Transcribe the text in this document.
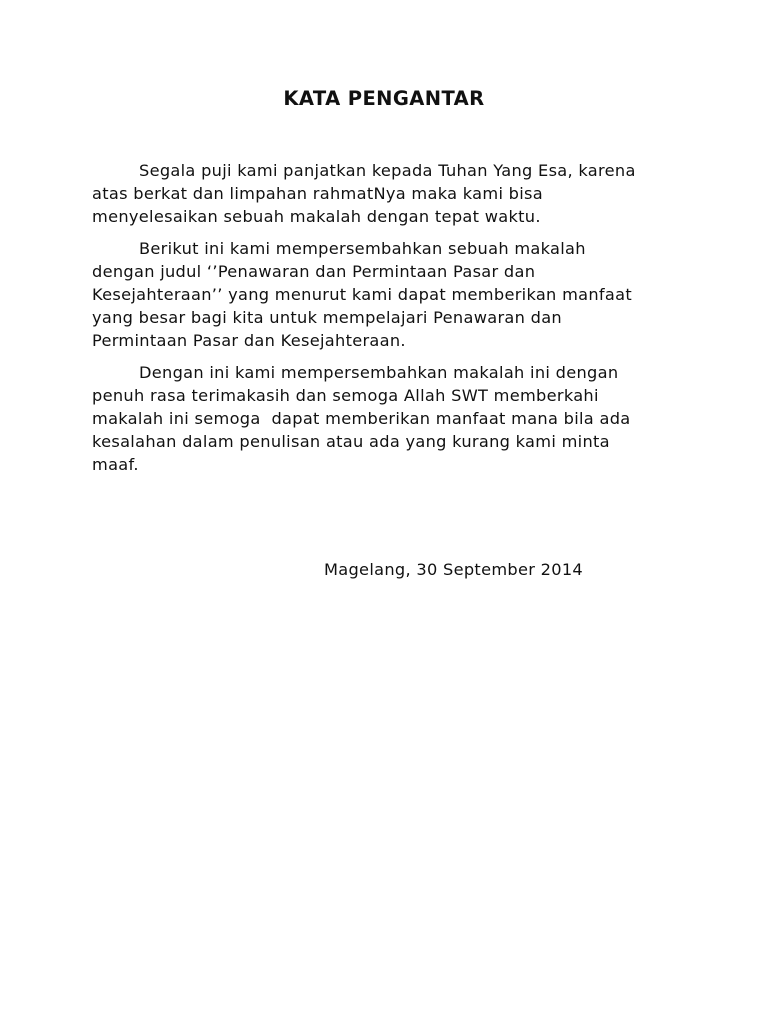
KATA PENGANTAR

Segala puji kami panjatkan kepada Tuhan Yang Esa, karena
atas berkat dan limpahan rahmatNya maka kami bisa
menyelesaikan sebuah makalah dengan tepat waktu.

Berikut ini kami mempersembahkan sebuah makalah
dengan judul ‘’Penawaran dan Permintaan Pasar dan
Kesejahteraan’’ yang menurut kami dapat memberikan manfaat
yang besar bagi kita untuk mempelajari Penawaran dan
Permintaan Pasar dan Kesejahteraan.

Dengan ini kami mempersembahkan makalah ini dengan
penuh rasa terimakasih dan semoga Allah SWT memberkahi
makalah ini semoga  dapat memberikan manfaat mana bila ada
kesalahan dalam penulisan atau ada yang kurang kami minta
maaf.

Magelang, 30 September 2014
